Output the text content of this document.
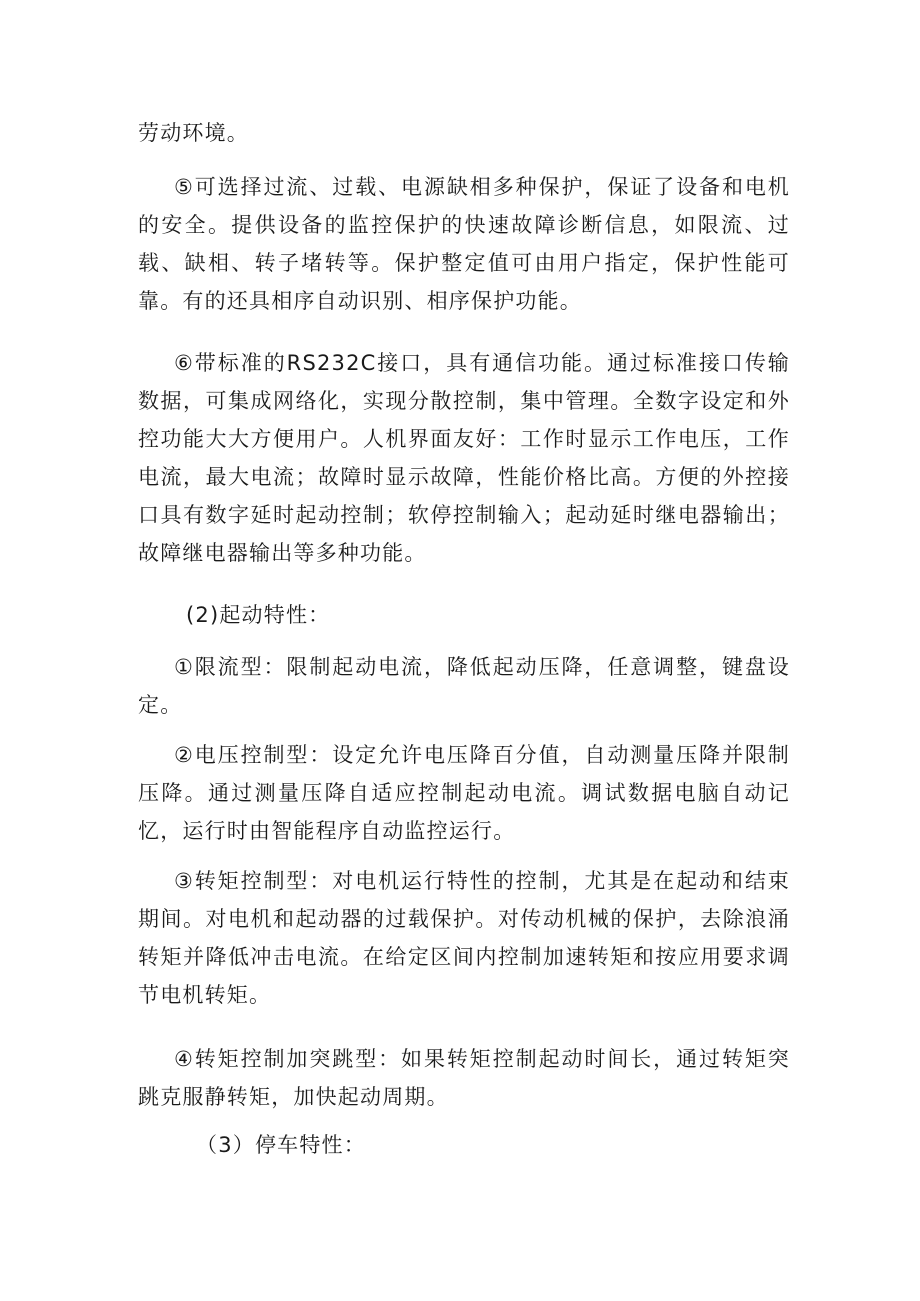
劳动环境。

⑤可选择过流、过载、电源缺相多种保护，保证了设备和电机的安全。提供设备的监控保护的快速故障诊断信息，如限流、过载、缺相、转子堵转等。保护整定值可由用户指定，保护性能可靠。有的还具相序自动识别、相序保护功能。

⑥带标准的RS232C接口，具有通信功能。通过标准接口传输数据，可集成网络化，实现分散控制，集中管理。全数字设定和外控功能大大方便用户。人机界面友好：工作时显示工作电压，工作电流，最大电流；故障时显示故障，性能价格比高。方便的外控接口具有数字延时起动控制；软停控制输入；起动延时继电器输出；故障继电器输出等多种功能。

(2)起动特性：

①限流型：限制起动电流，降低起动压降，任意调整，键盘设定。

②电压控制型：设定允许电压降百分值，自动测量压降并限制压降。通过测量压降自适应控制起动电流。调试数据电脑自动记忆，运行时由智能程序自动监控运行。

③转矩控制型：对电机运行特性的控制，尤其是在起动和结束期间。对电机和起动器的过载保护。对传动机械的保护，去除浪涌转矩并降低冲击电流。在给定区间内控制加速转矩和按应用要求调节电机转矩。

④转矩控制加突跳型：如果转矩控制起动时间长，通过转矩突跳克服静转矩，加快起动周期。

（3）停车特性：
